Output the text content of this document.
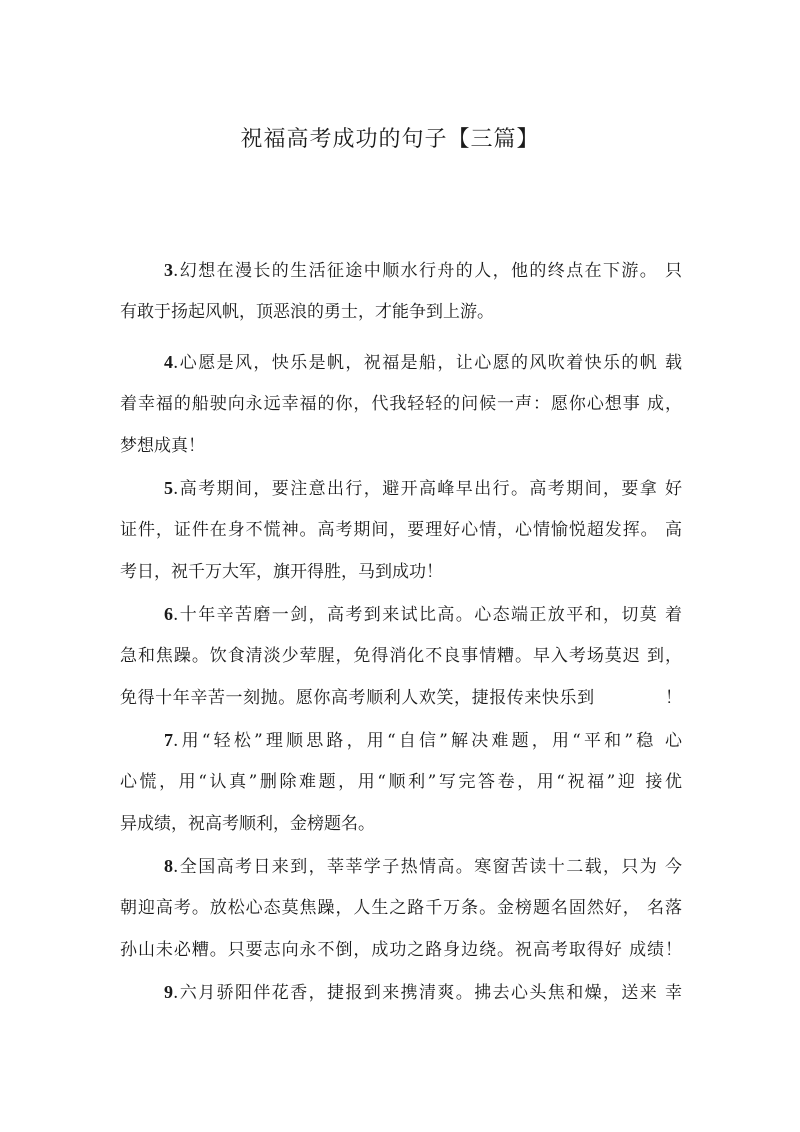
祝福高考成功的句子【三篇】
3.幻想在漫长的生活征途中顺水行舟的人，他的终点在下游。 只
有敢于扬起风帆，顶恶浪的勇士，才能争到上游。
4.心愿是风，快乐是帆，祝福是船，让心愿的风吹着快乐的帆 载
着幸福的船驶向永远幸福的你，代我轻轻的问候一声：愿你心想事 成，
梦想成真！
5.高考期间，要注意出行，避开高峰早出行。高考期间，要拿 好
证件，证件在身不慌神。高考期间，要理好心情，心情愉悦超发挥。 高
考日，祝千万大军，旗开得胜，马到成功！
6.十年辛苦磨一剑，高考到来试比高。心态端正放平和，切莫 着
急和焦躁。饮食清淡少荤腥，免得消化不良事情糟。早入考场莫迟 到，
免得十年辛苦一刻抛。愿你高考顺利人欢笑，捷报传来快乐到　　　　！
7.用“轻松”理顺思路，用“自信”解决难题，用“平和”稳 心
心慌，用“认真”删除难题，用“顺利”写完答卷，用“祝福”迎 接优
异成绩，祝高考顺利，金榜题名。
8.全国高考日来到，莘莘学子热情高。寒窗苦读十二载，只为 今
朝迎高考。放松心态莫焦躁，人生之路千万条。金榜题名固然好， 名落
孙山未必糟。只要志向永不倒，成功之路身边绕。祝高考取得好 成绩！
9.六月骄阳伴花香，捷报到来携清爽。拂去心头焦和燥，送来 幸
